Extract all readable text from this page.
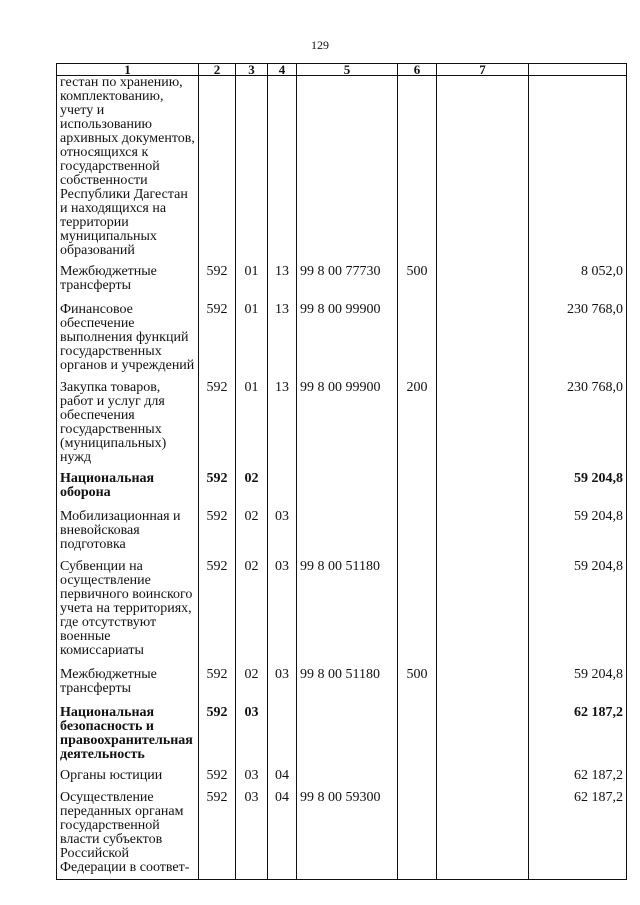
129
1	2	3	4	5	6	7	
гестан по хранению, комплектованию, учету и использованию архивных документов, относящихся к государственной собственности Республики Дагестан и находящихся на территории муниципальных образований							
Межбюджетные трансферты	592	01	13	99 8 00 77730	500		8 052,0
Финансовое обеспечение выполнения функций государственных органов и учреждений	592	01	13	99 8 00 99900			230 768,0
Закупка товаров, работ и услуг для обеспечения государственных (муниципальных) нужд	592	01	13	99 8 00 99900	200		230 768,0
Национальная оборона	592	02					59 204,8
Мобилизационная и вневойсковая подготовка	592	02	03				59 204,8
Субвенции на осуществление первичного воинского учета на территориях, где отсутствуют военные комиссариаты	592	02	03	99 8 00 51180			59 204,8
Межбюджетные трансферты	592	02	03	99 8 00 51180	500		59 204,8
Национальная безопасность и правоохранительная деятельность	592	03					62 187,2
Органы юстиции	592	03	04				62 187,2
Осуществление переданных органам государственной власти субъектов Российской Федерации в соответ-	592	03	04	99 8 00 59300			62 187,2
